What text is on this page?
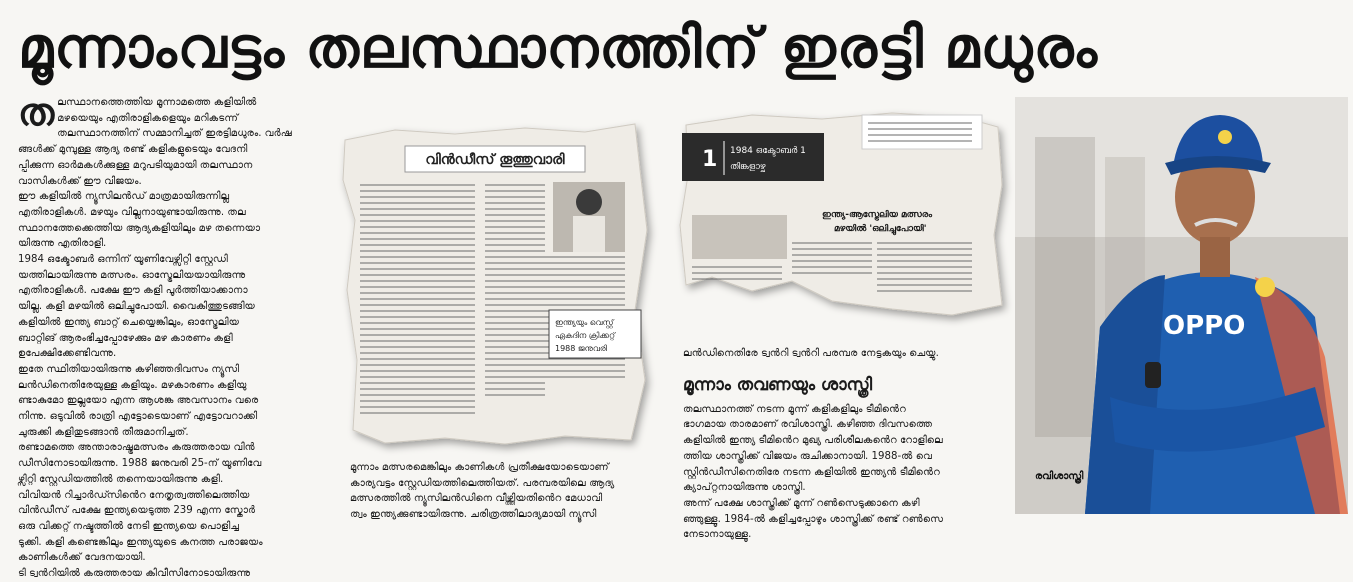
മൂന്നാംവട്ടം തലസ്ഥാനത്തിന് ഇരട്ടി മധുരം
ത ലസ്ഥാനത്തെത്തിയ മൂന്നാമത്തെ കളിയിൽ

മഴയെയും എതിരാളികളെയും മറികടന്ന്

തലസ്ഥാനത്തിന് സമ്മാനിച്ചത് ഇരട്ടിമധുരം. വർഷ

ങ്ങൾക്ക് മുമ്പുള്ള ആദ്യ രണ്ട് കളികളുടെയും വേദനി

പ്പിക്കുന്ന ഓർമകൾക്കുള്ള മറുപടിയുമായി തലസ്ഥാന

വാസികൾക്ക് ഈ വിജയം.

ഈ കളിയിൽ ന്യൂസിലൻഡ് മാത്രമായിരുന്നില്ല

എതിരാളികൾ. മഴയും വില്ലനായുണ്ടായിരുന്നു. തല

സ്ഥാനത്തേക്കെത്തിയ ആദ്യകളിയിലും മഴ തന്നെയാ

യിരുന്നു എതിരാളി.

1984 ഒക്ടോബർ ഒന്നിന് യൂണിവേഴ്സിറ്റി സ്റ്റേഡി

യത്തിലായിരുന്നു മത്സരം. ഓസ്ട്രേലിയയായിരുന്നു

എതിരാളികൾ. പക്ഷേ ഈ കളി പൂർത്തിയാക്കാനാ

യില്ല. കളി മഴയിൽ ഒലിച്ചുപോയി. വൈകിത്തുടങ്ങിയ

കളിയിൽ ഇന്ത്യ ബാറ്റ് ചെയ്യെങ്കിലും, ഓസ്ട്രേലിയ

ബാറ്റിങ് ആരംഭിച്ചപ്പോഴേക്കും മഴ കാരണം കളി

ഉപേക്ഷിക്കേണ്ടിവന്നു.

ഇതേ സ്ഥിതിയായിരുന്നു കഴിഞ്ഞദിവസം ന്യൂസി

ലൻഡിനെതിരേയുള്ള കളിയും. മഴകാരണം കളിയു

ണ്ടാകുമോ ഇല്ലയോ എന്ന ആശങ്ക അവസാനം വരെ

നിന്നു. ഒടുവിൽ രാത്രി എട്ടോടെയാണ് എട്ടോവറാക്കി

ചുരുക്കി കളിതുടങ്ങാൻ തീരുമാനിച്ചത്.

രണ്ടാമത്തെ അന്താരാഷ്ട്രമത്സരം കരുത്തരായ വിൻ

ഡീസിനോടായിരുന്നു. 1988 ജനുവരി 25-ന് യൂണിവേ

ഴ്സിറ്റി സ്റ്റേഡിയത്തിൽ തന്നെയായിരുന്നു കളി.

വിവിയൻ റിച്ചാർഡ്സിൻെറ നേതൃത്വത്തിലെത്തിയ

വിൻഡീസ് പക്ഷേ ഇന്ത്യയെടുത്ത 239 എന്ന സ്കോർ

ഒരു വിക്കറ്റ് നഷ്ടത്തിൽ നേടി ഇന്ത്യയെ പൊളിച്ച

ടുക്കി. കളി കണ്ടെങ്കിലും ഇന്ത്യയുടെ കനത്ത പരാജയം

കാണികൾക്ക് വേദനയായി.

ടി ട്വൻറിയിൽ കരുത്തരായ കിവീസിനോടായിരുന്നു

വിൻഡീസ് തൂത്തുവാരി
ഇന്ത്യയും വെസ്റ്റ്
ഏകദിന ക്രിക്കറ്റ്
1988 ജനുവരി
1 1984 ഒക്ടോബർ 1
തിങ്കളാഴ്ച
ഇന്ത്യ-ആസ്ട്രേലിയ മത്സരം
മഴയിൽ 'ഒലിച്ചുപോയി'

മൂന്നാം മത്സരമെങ്കിലും കാണികൾ പ്രതീക്ഷയോടെയാണ്

കാര്യവട്ടം സ്റ്റേഡിയത്തിലെത്തിയത്. പരമ്പരയിലെ ആദ്യ

മത്സരത്തിൽ ന്യൂസിലൻഡിനെ വീഴ്ത്തിയതിൻെറ മേധാവി

ത്വം ഇന്ത്യക്കുണ്ടായിരുന്നു. ചരിത്രത്തിലാദ്യമായി ന്യൂസി

ലൻഡിനെതിരേ ട്വൻറി ട്വൻറി പരമ്പര നേട്ടകയും ചെയ്യു.

മൂന്നാം തവണയും ശാസ്ത്രി

തലസ്ഥാനത്ത് നടന്ന മൂന്ന് കളികളിലും ടീമിൻെറ

ഭാഗമായ താരമാണ് രവിശാസ്ത്രി. കഴിഞ്ഞ ദിവസത്തെ

കളിയിൽ ഇന്ത്യ ടീമിൻെറ മുഖ്യ പരിശീലകൻെറ റോളിലെ

ത്തിയ ശാസ്ത്രിക്ക് വിജയം രുചിക്കാനായി. 1988-ൽ വെ

സ്റ്റിൻഡീസിനെതിരേ നടന്ന കളിയിൽ ഇന്ത്യൻ ടീമിൻെറ

ക്യാപ്റ്റനായിരുന്നു ശാസ്ത്രി.

അന്ന് പക്ഷേ ശാസ്ത്രിക്ക് മൂന്ന് റൺസെടുക്കാനെ കഴി

ഞ്ഞുള്ളൂ. 1984-ൽ കളിച്ചപ്പോഴും ശാസ്ത്രിക്ക് രണ്ട് റൺസെ

നേടാനായുള്ളൂ.

OPPO
രവിശാസ്ത്രി
